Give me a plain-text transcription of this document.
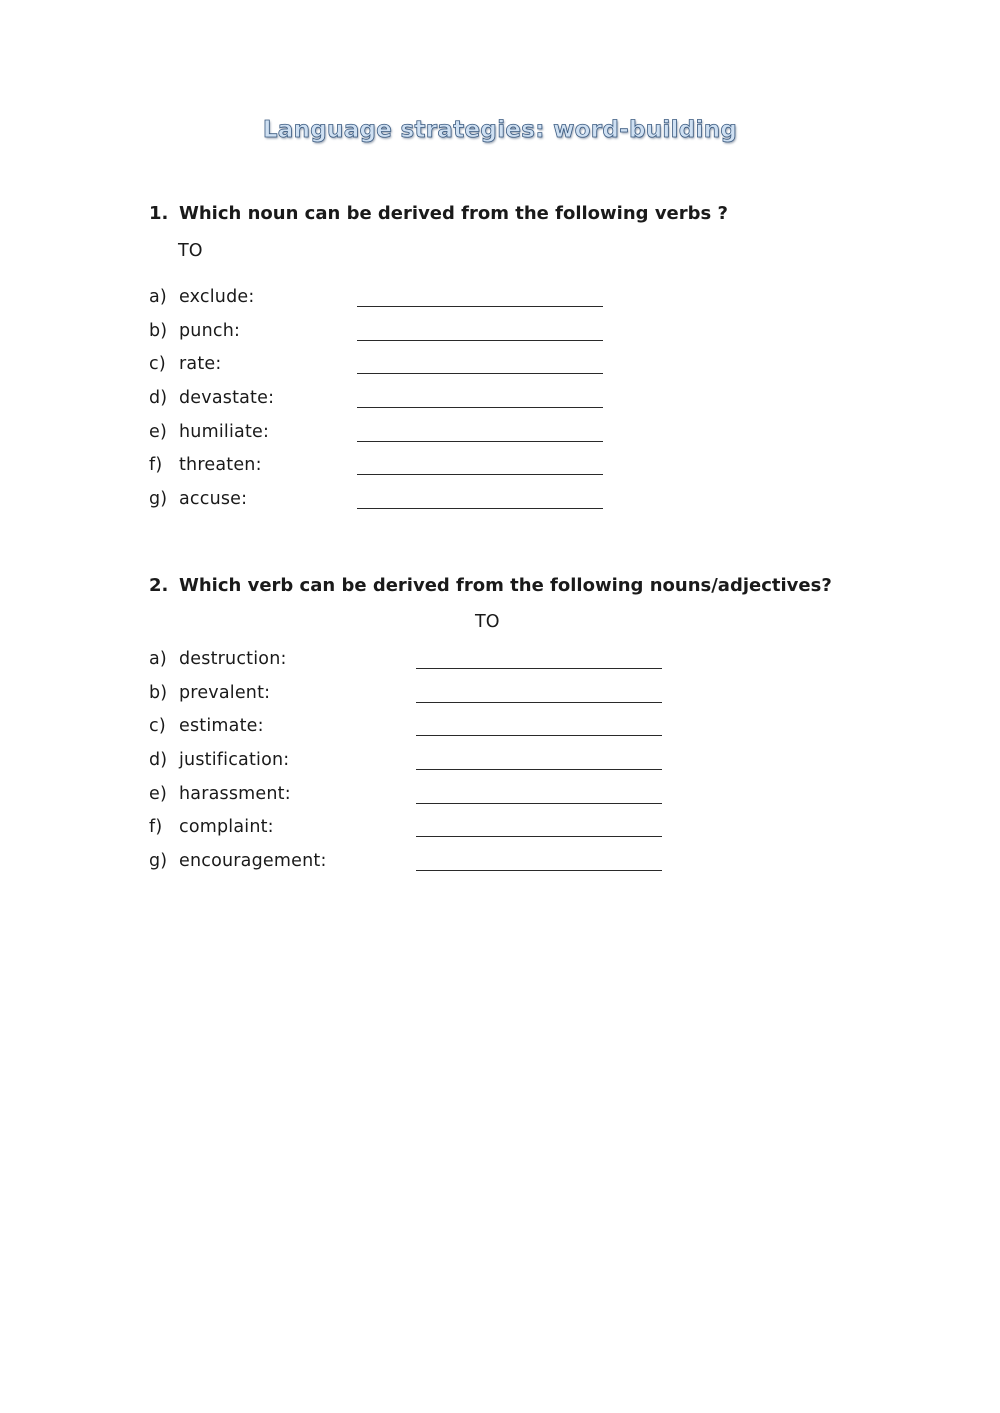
Language strategies: word-building
1. Which noun can be derived from the following verbs ?
TO
a) exclude:
b) punch:
c) rate:
d) devastate:
e) humiliate:
f) threaten:
g) accuse:
2. Which verb can be derived from the following nouns/adjectives?
TO
a) destruction:
b) prevalent:
c) estimate:
d) justification:
e) harassment:
f) complaint:
g) encouragement:
